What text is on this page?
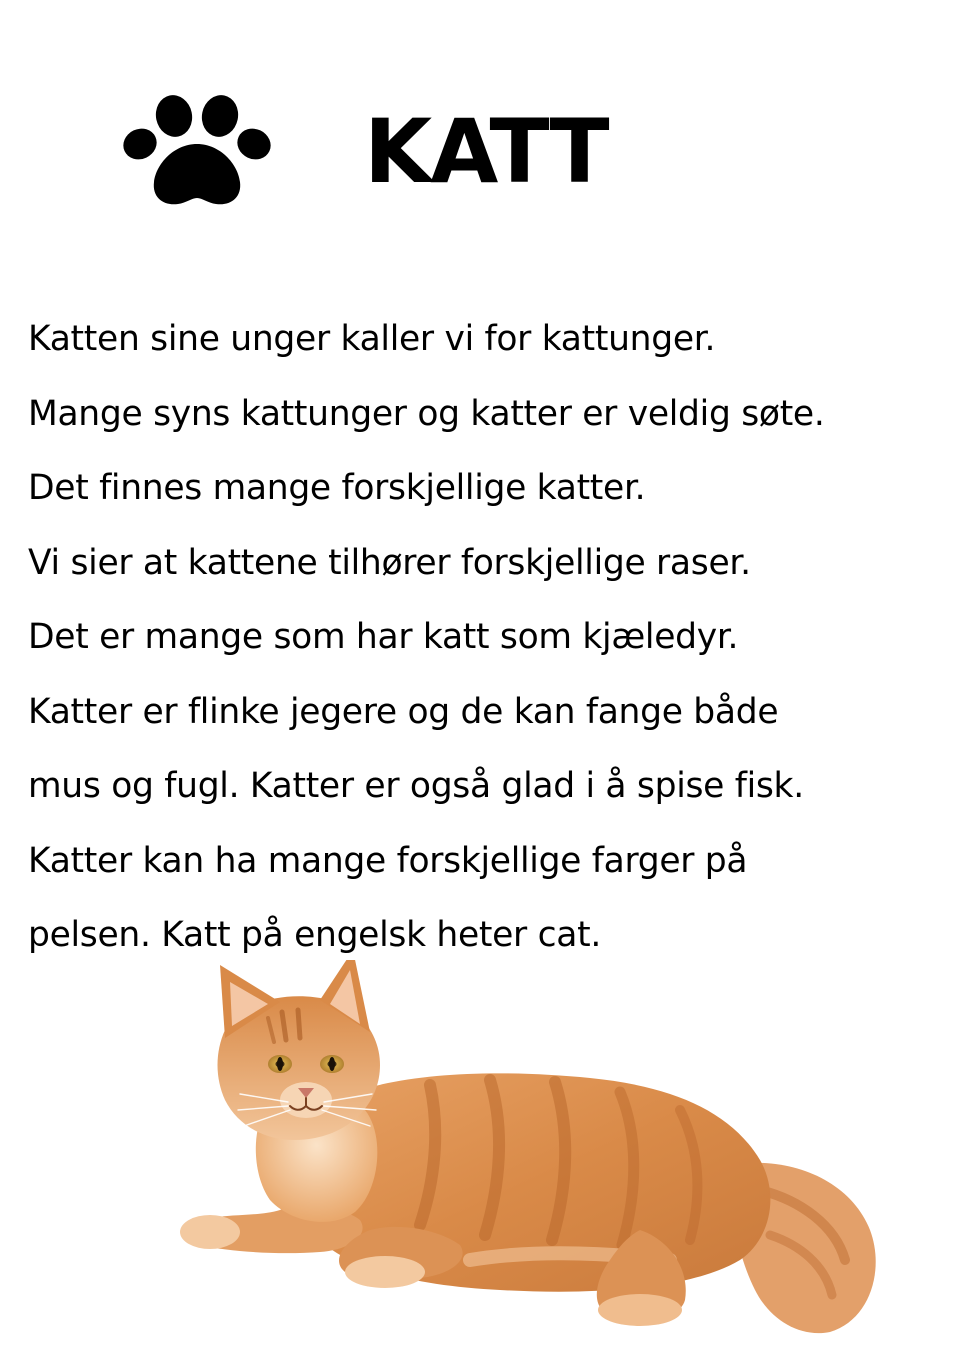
KATT
Katten sine unger kaller vi for kattunger.
Mange syns kattunger og katter er veldig søte.
Det finnes mange forskjellige katter.
Vi sier at kattene tilhører forskjellige raser.
Det er mange som har katt som kjæledyr.
Katter er flinke jegere og de kan fange både
mus og fugl. Katter er også glad i å spise fisk.
Katter kan ha mange forskjellige farger på
pelsen. Katt på engelsk heter cat.
